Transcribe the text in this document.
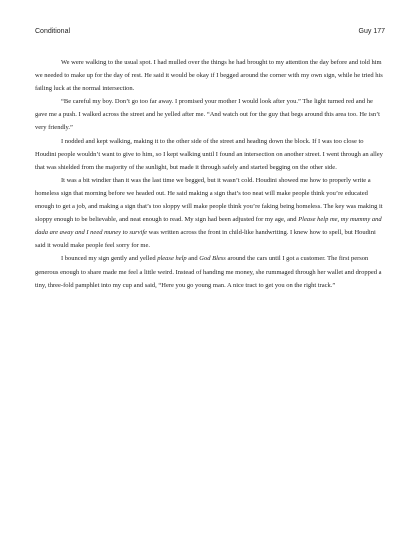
Conditional	Guy 177

We were walking to the usual spot. I had mulled over the things he had brought to my attention the day before and told him we needed to make up for the day of rest. He said it would be okay if I begged around the corner with my own sign, while he tried his failing luck at the normal intersection.

“Be careful my boy. Don’t go too far away. I promised your mother I would look after you.” The light turned red and he gave me a push. I walked across the street and he yelled after me. “And watch out for the guy that begs around this area too. He isn’t very friendly.”

I nodded and kept walking, making it to the other side of the street and heading down the block. If I was too close to Houdini people wouldn’t want to give to him, so I kept walking until I found an intersection on another street. I went through an alley that was shielded from the majority of the sunlight, but made it through safely and started begging on the other side.

It was a bit windier than it was the last time we begged, but it wasn’t cold. Houdini showed me how to properly write a homeless sign that morning before we headed out. He said making a sign that’s too neat will make people think you’re educated enough to get a job, and making a sign that’s too sloppy will make people think you’re faking being homeless. The key was making it sloppy enough to be believable, and neat enough to read. My sign had been adjusted for my age, and Please help me, my mummy and dada are away and I need muney to survife was written across the front in child-like handwriting. I knew how to spell, but Houdini said it would make people feel sorry for me.

I bounced my sign gently and yelled please help and God Bless around the cars until I got a customer. The first person generous enough to share made me feel a little weird. Instead of handing me money, she rummaged through her wallet and dropped a tiny, three-fold pamphlet into my cup and said, “Here you go young man. A nice tract to get you on the right track.”
